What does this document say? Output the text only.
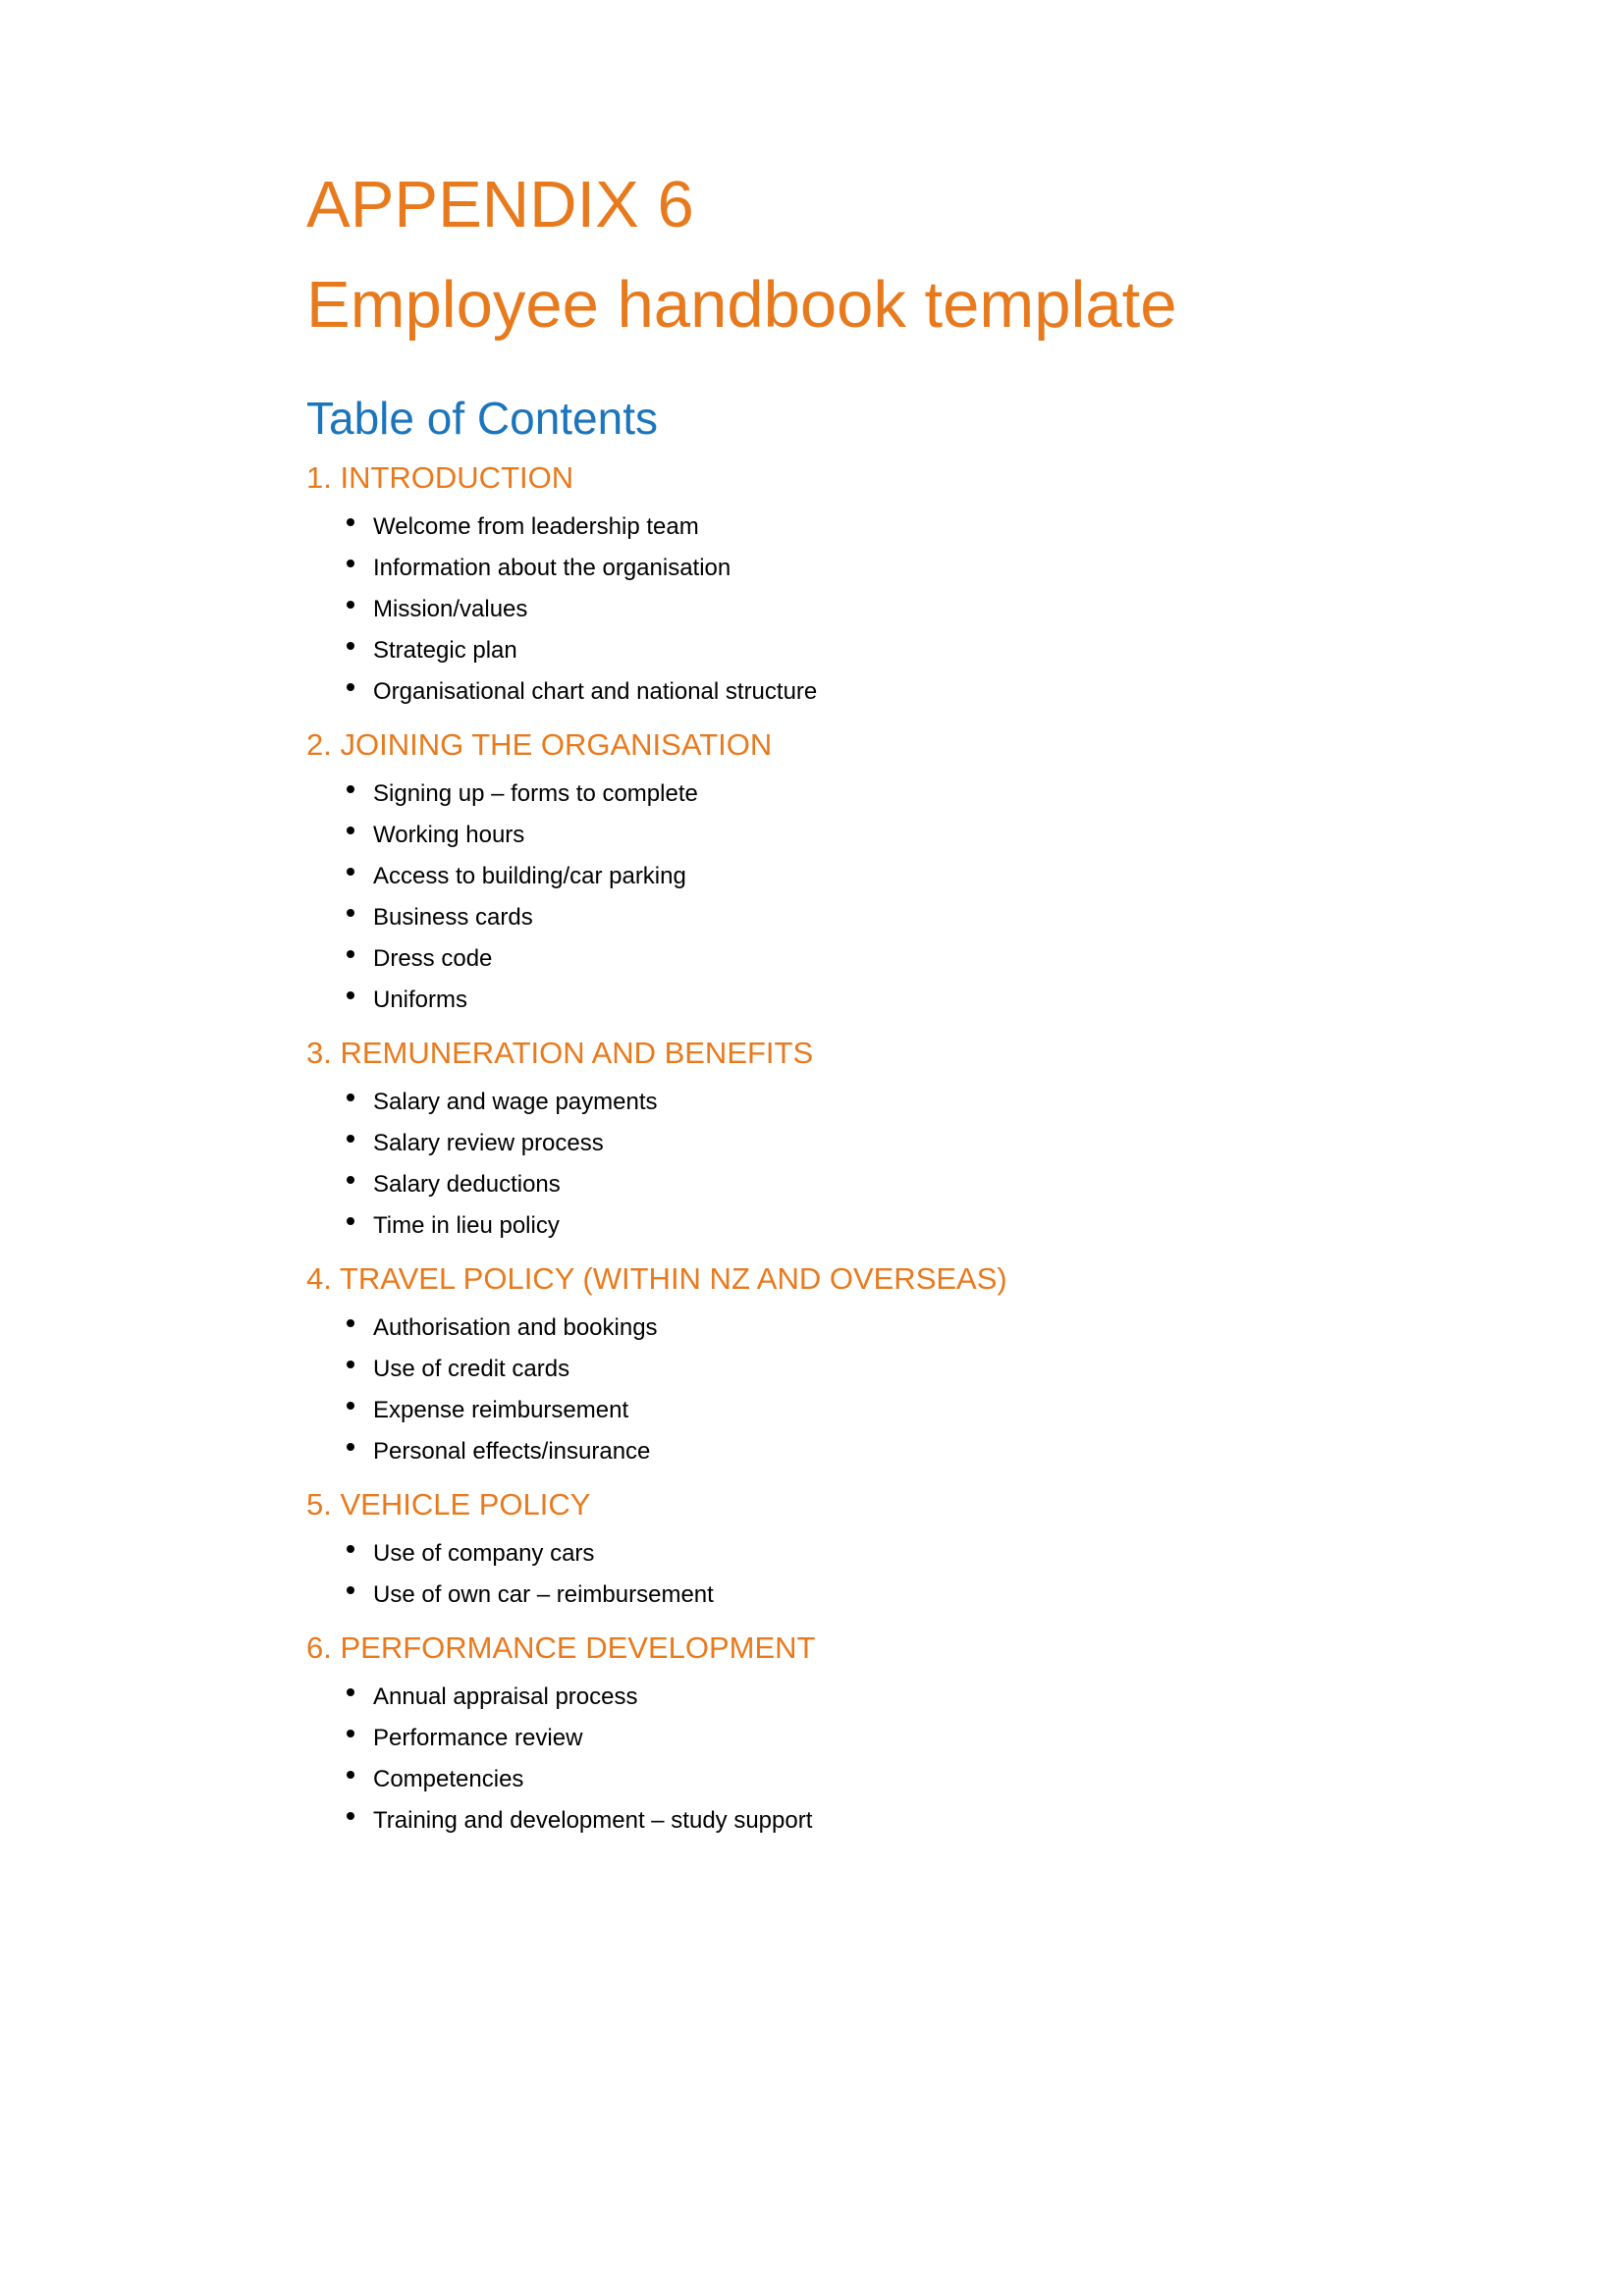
APPENDIX 6
Employee handbook template
Table of Contents
1. INTRODUCTION
Welcome from leadership team
Information about the organisation
Mission/values
Strategic plan
Organisational chart and national structure
2. JOINING THE ORGANISATION
Signing up – forms to complete
Working hours
Access to building/car parking
Business cards
Dress code
Uniforms
3. REMUNERATION AND BENEFITS
Salary and wage payments
Salary review process
Salary deductions
Time in lieu policy
4. TRAVEL POLICY (WITHIN NZ AND OVERSEAS)
Authorisation and bookings
Use of credit cards
Expense reimbursement
Personal effects/insurance
5. VEHICLE POLICY
Use of company cars
Use of own car – reimbursement
6. PERFORMANCE DEVELOPMENT
Annual appraisal process
Performance review
Competencies
Training and development – study support
